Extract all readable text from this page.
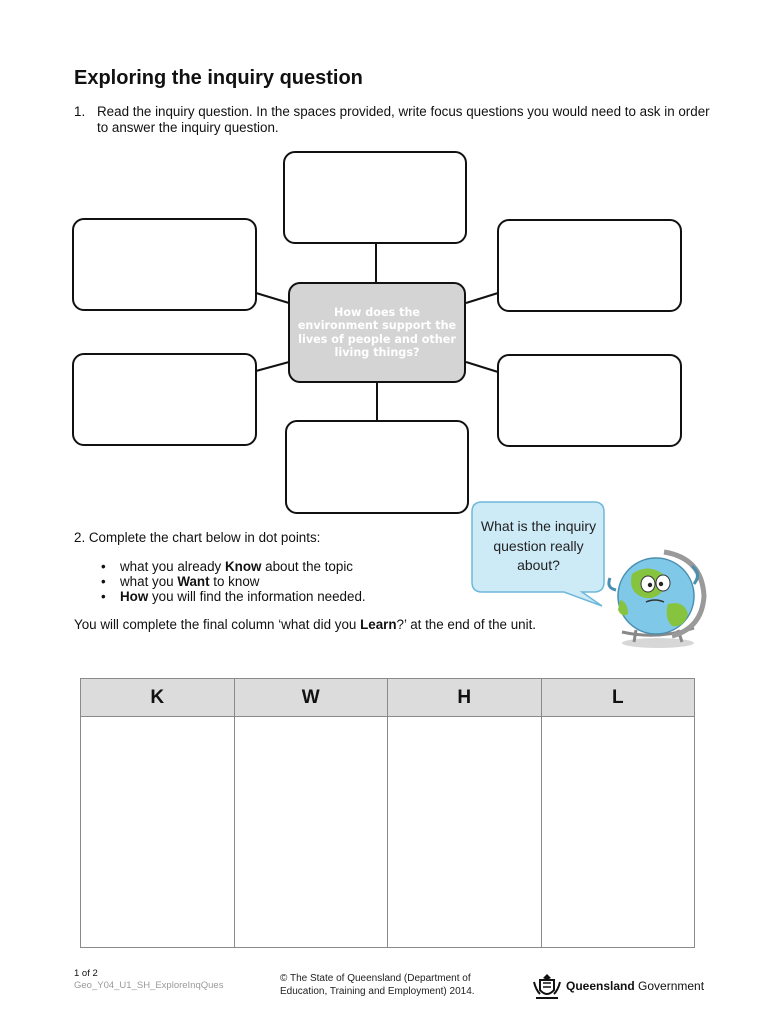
Exploring the inquiry question
1. Read the inquiry question. In the spaces provided, write focus questions you would need to ask in order to answer the inquiry question.
How does the environment support the lives of people and other living things?
2. Complete the chart below in dot points:
• what you already Know about the topic
• what you Want to know
• How you will find the information needed.
You will complete the final column ‘what did you Learn?’ at the end of the unit.
What is the inquiry question really about?
K	W	H	L

1 of 2
Geo_Y04_U1_SH_ExploreInqQues
© The State of Queensland (Department of Education, Training and Employment) 2014.	Queensland Government
